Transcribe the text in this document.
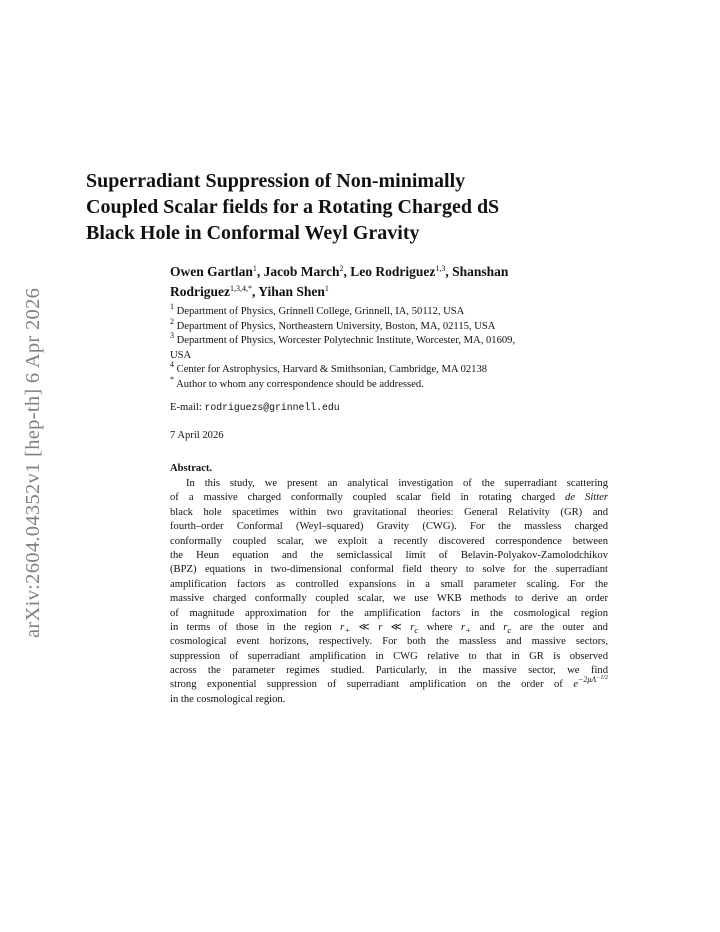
arXiv:2604.04352v1 [hep-th] 6 Apr 2026
Superradiant Suppression of Non-minimally
Coupled Scalar fields for a Rotating Charged dS
Black Hole in Conformal Weyl Gravity
Owen Gartlan$^1$, Jacob March$^2$, Leo Rodriguez$^{1,3}$, Shanshan
Rodriguez$^{1,3,4,*}$, Yihan Shen$^1$
$^1$ Department of Physics, Grinnell College, Grinnell, IA, 50112, USA
$^2$ Department of Physics, Northeastern University, Boston, MA, 02115, USA
$^3$ Department of Physics, Worcester Polytechnic Institute, Worcester, MA, 01609,
USA
$^4$ Center for Astrophysics, Harvard & Smithsonian, Cambridge, MA 02138
* Author to whom any correspondence should be addressed.
E-mail: rodriguezs@grinnell.edu
7 April 2026
Abstract.
In this study, we present an analytical investigation of the superradiant scattering
of a massive charged conformally coupled scalar field in rotating charged de Sitter
black hole spacetimes within two gravitational theories: General Relativity (GR) and
fourth–order Conformal (Weyl–squared) Gravity (CWG). For the massless charged
conformally coupled scalar, we exploit a recently discovered correspondence between
the Heun equation and the semiclassical limit of Belavin-Polyakov-Zamolodchikov
(BPZ) equations in two-dimensional conformal field theory to solve for the superradiant
amplification factors as controlled expansions in a small parameter scaling. For the
massive charged conformally coupled scalar, we use WKB methods to derive an order
of magnitude approximation for the amplification factors in the cosmological region
in terms of those in the region $r_+$ ≪ r ≪ $r_c$ where $r_+$ and $r_c$ are the outer and
cosmological event horizons, respectively. For both the massless and massive sectors,
suppression of superradiant amplification in CWG relative to that in GR is observed
across the parameter regimes studied. Particularly, in the massive sector, we find
strong exponential suppression of superradiant amplification on the order of $e^{-2\mu\Lambda^{-1/2}}$
in the cosmological region.
